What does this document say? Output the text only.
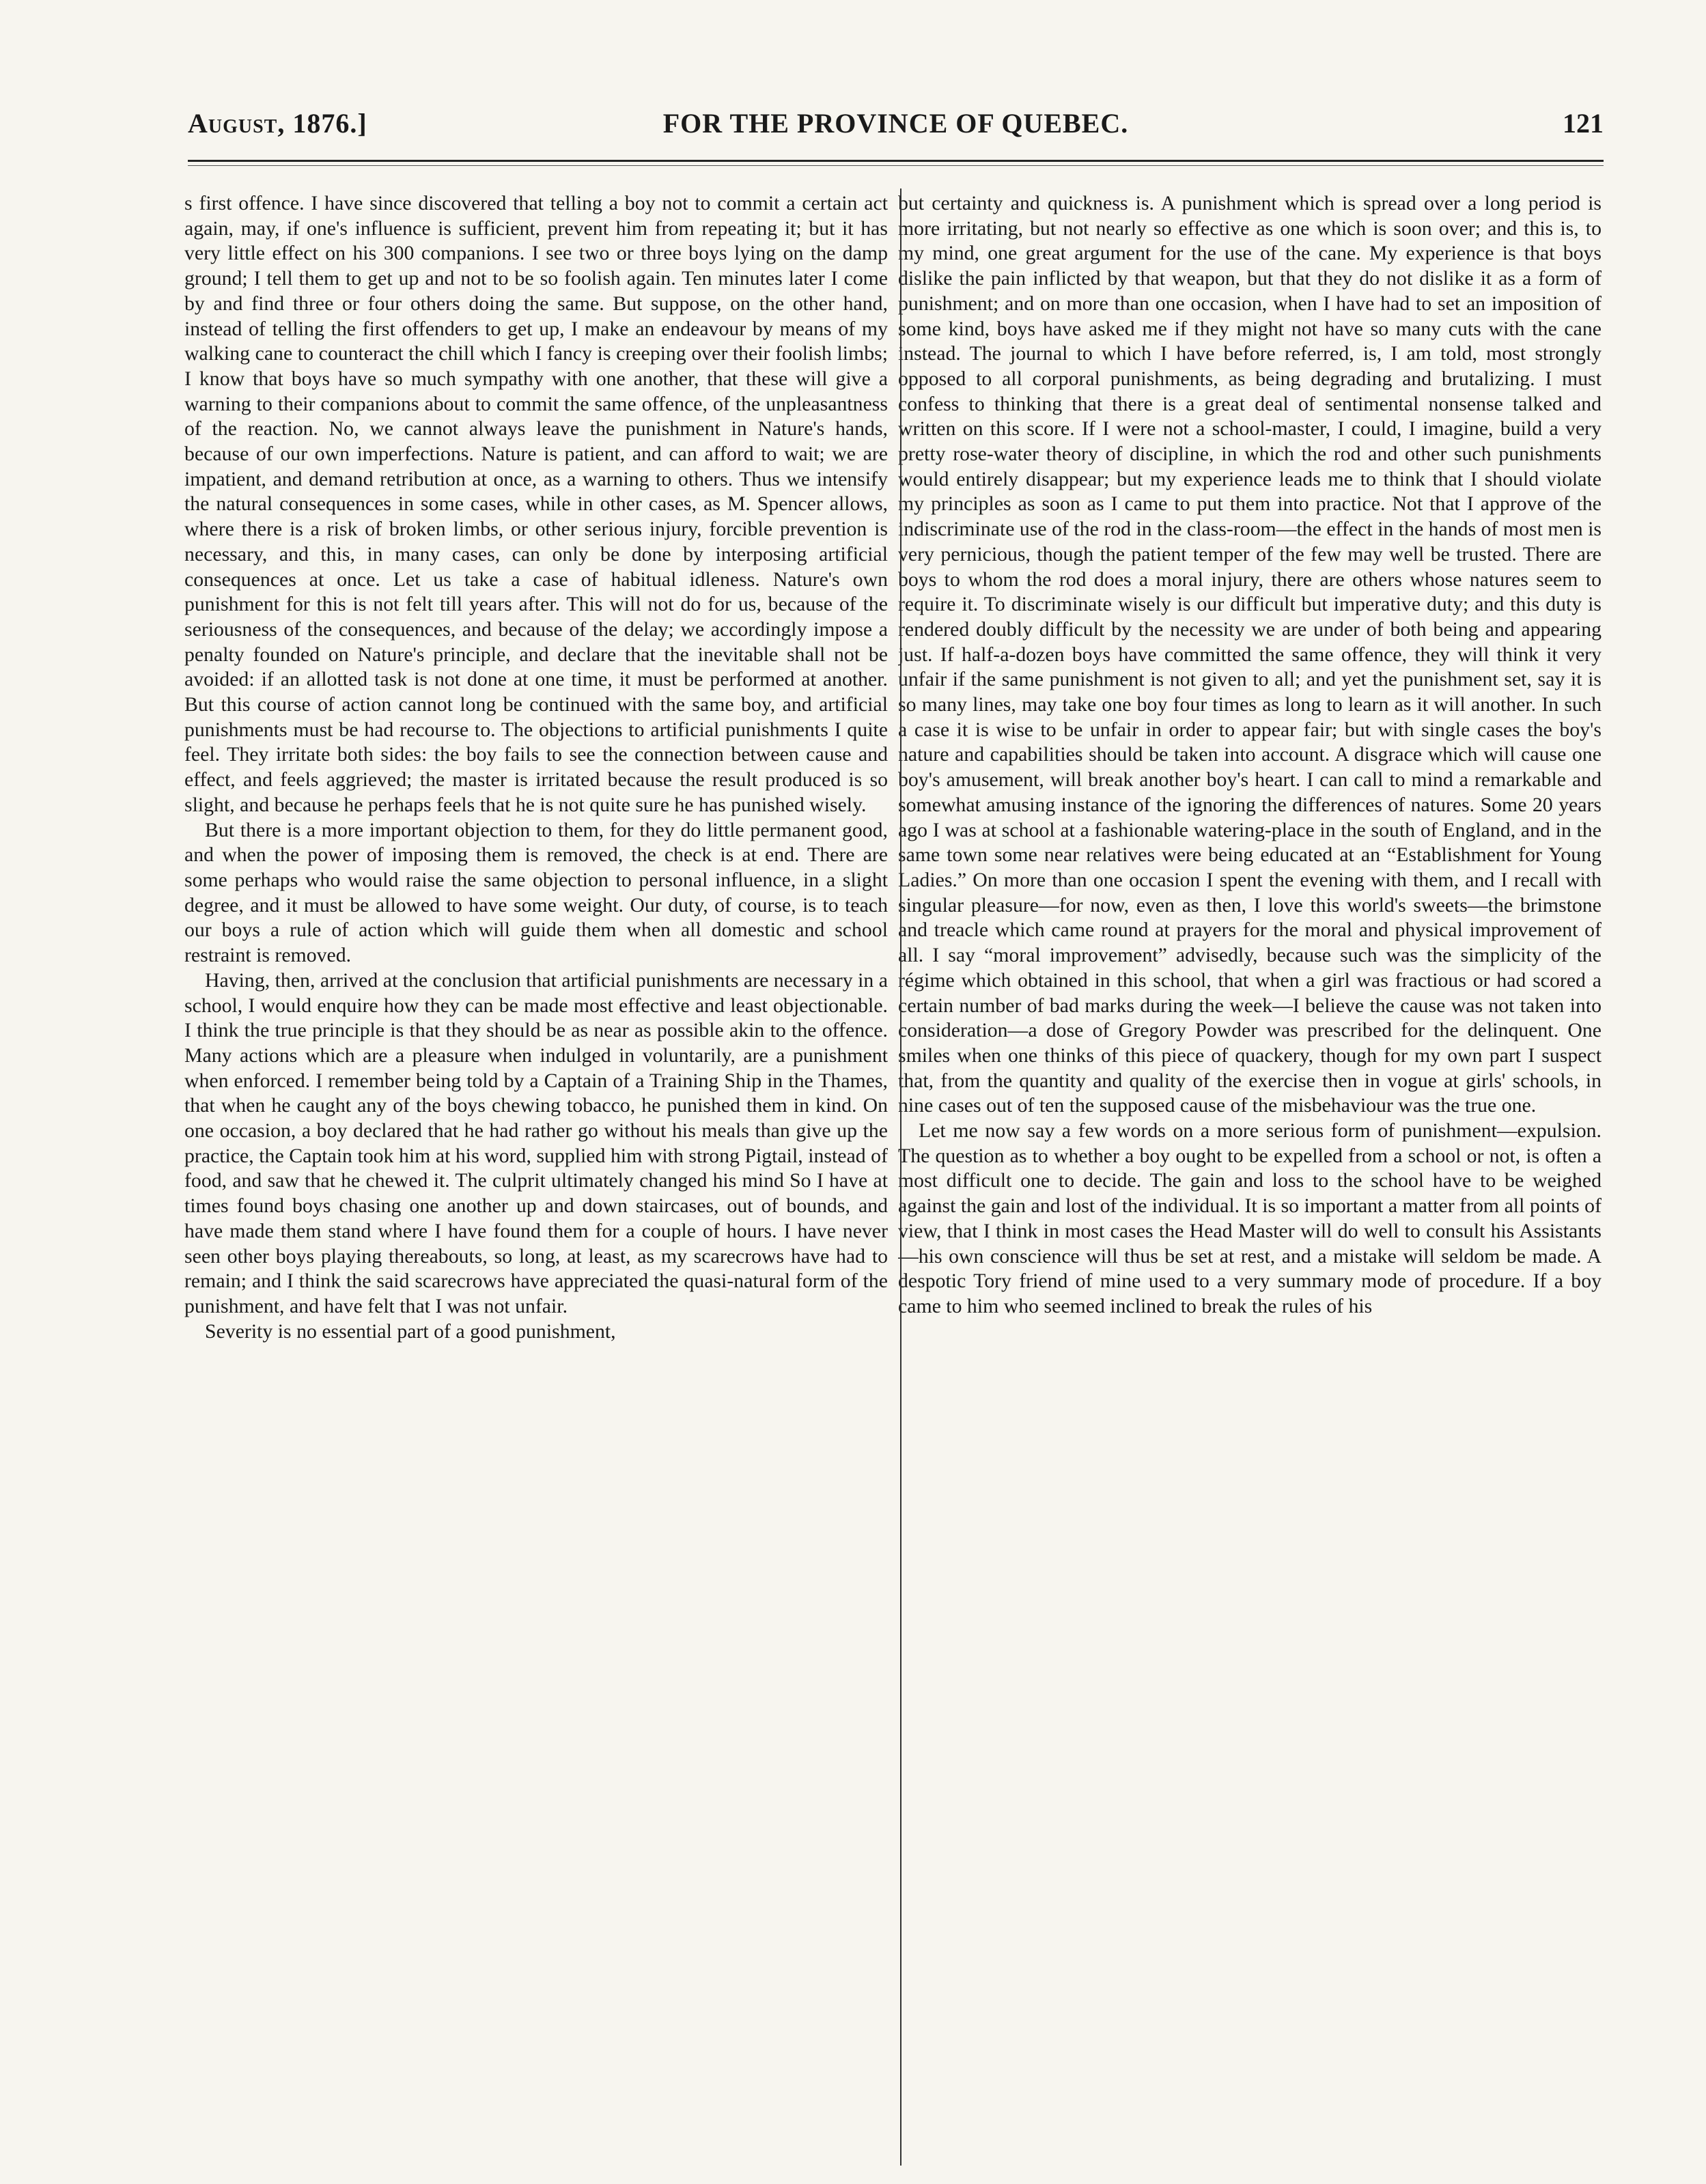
August, 1876.]	FOR THE PROVINCE OF QUEBEC.	121

s first offence. I have since discovered that telling a boy not to commit a certain act again, may, if one's influence is sufficient, prevent him from repeating it; but it has very little effect on his 300 companions. I see two or three boys lying on the damp ground; I tell them to get up and not to be so foolish again. Ten minutes later I come by and find three or four others doing the same. But suppose, on the other hand, instead of telling the first offenders to get up, I make an endeavour by means of my walking cane to counteract the chill which I fancy is creeping over their foolish limbs; I know that boys have so much sympathy with one another, that these will give a warning to their companions about to commit the same offence, of the unpleasantness of the reaction. No, we cannot always leave the punishment in Nature's hands, because of our own imperfections. Nature is patient, and can afford to wait; we are impatient, and demand retribution at once, as a warning to others. Thus we intensify the natural consequences in some cases, while in other cases, as M. Spencer allows, where there is a risk of broken limbs, or other serious injury, forcible prevention is necessary, and this, in many cases, can only be done by interposing artificial consequences at once. Let us take a case of habitual idleness. Nature's own punishment for this is not felt till years after. This will not do for us, because of the seriousness of the consequences, and because of the delay; we accordingly impose a penalty founded on Nature's principle, and declare that the inevitable shall not be avoided: if an allotted task is not done at one time, it must be performed at another. But this course of action cannot long be continued with the same boy, and artificial punishments must be had recourse to. The objections to artificial punishments I quite feel. They irritate both sides: the boy fails to see the connection between cause and effect, and feels aggrieved; the master is irritated because the result produced is so slight, and because he perhaps feels that he is not quite sure he has punished wisely.

But there is a more important objection to them, for they do little permanent good, and when the power of imposing them is removed, the check is at end. There are some perhaps who would raise the same objection to personal influence, in a slight degree, and it must be allowed to have some weight. Our duty, of course, is to teach our boys a rule of action which will guide them when all domestic and school restraint is removed.

Having, then, arrived at the conclusion that artificial punishments are necessary in a school, I would enquire how they can be made most effective and least objectionable. I think the true principle is that they should be as near as possible akin to the offence. Many actions which are a pleasure when indulged in voluntarily, are a punishment when enforced. I remember being told by a Captain of a Training Ship in the Thames, that when he caught any of the boys chewing tobacco, he punished them in kind. On one occasion, a boy declared that he had rather go without his meals than give up the practice, the Captain took him at his word, supplied him with strong Pigtail, instead of food, and saw that he chewed it. The culprit ultimately changed his mind So I have at times found boys chasing one another up and down staircases, out of bounds, and have made them stand where I have found them for a couple of hours. I have never seen other boys playing thereabouts, so long, at least, as my scarecrows have had to remain; and I think the said scarecrows have appreciated the quasi-natural form of the punishment, and have felt that I was not unfair.

Severity is no essential part of a good punishment,

but certainty and quickness is. A punishment which is spread over a long period is more irritating, but not nearly so effective as one which is soon over; and this is, to my mind, one great argument for the use of the cane. My experience is that boys dislike the pain inflicted by that weapon, but that they do not dislike it as a form of punishment; and on more than one occasion, when I have had to set an imposition of some kind, boys have asked me if they might not have so many cuts with the cane instead. The journal to which I have before referred, is, I am told, most strongly opposed to all corporal punishments, as being degrading and brutalizing. I must confess to thinking that there is a great deal of sentimental nonsense talked and written on this score. If I were not a school-master, I could, I imagine, build a very pretty rose-water theory of discipline, in which the rod and other such punishments would entirely disappear; but my experience leads me to think that I should violate my principles as soon as I came to put them into practice. Not that I approve of the indiscriminate use of the rod in the class-room—the effect in the hands of most men is very pernicious, though the patient temper of the few may well be trusted. There are boys to whom the rod does a moral injury, there are others whose natures seem to require it. To discriminate wisely is our difficult but imperative duty; and this duty is rendered doubly difficult by the necessity we are under of both being and appearing just. If half-a-dozen boys have committed the same offence, they will think it very unfair if the same punishment is not given to all; and yet the punishment set, say it is so many lines, may take one boy four times as long to learn as it will another. In such a case it is wise to be unfair in order to appear fair; but with single cases the boy's nature and capabilities should be taken into account. A disgrace which will cause one boy's amusement, will break another boy's heart. I can call to mind a remarkable and somewhat amusing instance of the ignoring the differences of natures. Some 20 years ago I was at school at a fashionable watering-place in the south of England, and in the same town some near relatives were being educated at an “Establishment for Young Ladies.” On more than one occasion I spent the evening with them, and I recall with singular pleasure—for now, even as then, I love this world's sweets—the brimstone and treacle which came round at prayers for the moral and physical improvement of all. I say “moral improvement” advisedly, because such was the simplicity of the régime which obtained in this school, that when a girl was fractious or had scored a certain number of bad marks during the week—I believe the cause was not taken into consideration—a dose of Gregory Powder was prescribed for the delinquent. One smiles when one thinks of this piece of quackery, though for my own part I suspect that, from the quantity and quality of the exercise then in vogue at girls' schools, in nine cases out of ten the supposed cause of the misbehaviour was the true one.

Let me now say a few words on a more serious form of punishment—expulsion. The question as to whether a boy ought to be expelled from a school or not, is often a most difficult one to decide. The gain and loss to the school have to be weighed against the gain and lost of the individual. It is so important a matter from all points of view, that I think in most cases the Head Master will do well to consult his Assistants—his own conscience will thus be set at rest, and a mistake will seldom be made. A despotic Tory friend of mine used to a very summary mode of procedure. If a boy came to him who seemed inclined to break the rules of his
